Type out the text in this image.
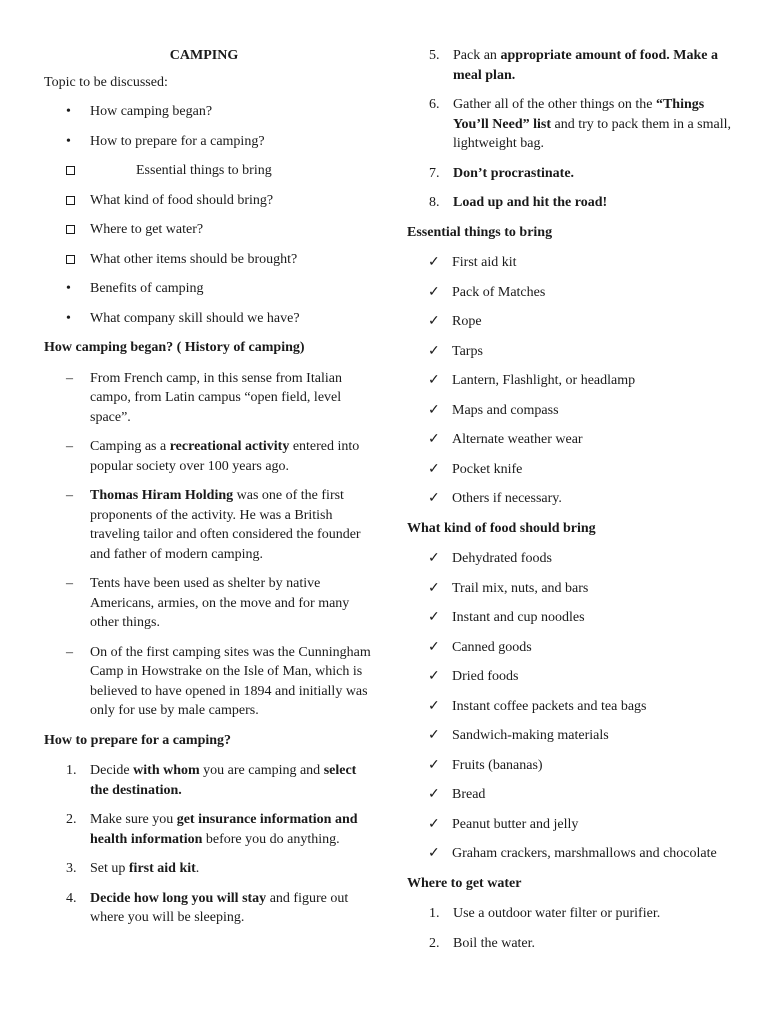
CAMPING

Topic to be discussed:

• How camping began?
• How to prepare for a camping?
Essential things to bring
What kind of food should bring?
Where to get water?
What other items should be brought?
• Benefits of camping
• What company skill should we have?

How camping began? ( History of camping)

– From French camp, in this sense from Italian campo, from Latin campus “open field, level space”.
– Camping as a recreational activity entered into popular society over 100 years ago.
– Thomas Hiram Holding was one of the first proponents of the activity. He was a British traveling tailor and often considered the founder and father of modern camping.
– Tents have been used as shelter by native Americans, armies, on the move and for many other things.
– On of the first camping sites was the Cunningham Camp in Howstrake on the Isle of Man, which is believed to have opened in 1894 and initially was only for use by male campers.

How to prepare for a camping?

1. Decide with whom you are camping and select the destination.
2. Make sure you get insurance information and health information before you do anything.
3. Set up first aid kit.
4. Decide how long you will stay and figure out where you will be sleeping.
5. Pack an appropriate amount of food. Make a meal plan.
6. Gather all of the other things on the “Things You’ll Need” list and try to pack them in a small, lightweight bag.
7. Don’t procrastinate.
8. Load up and hit the road!

Essential things to bring

✓ First aid kit
✓ Pack of Matches
✓ Rope
✓ Tarps
✓ Lantern, Flashlight, or headlamp
✓ Maps and compass
✓ Alternate weather wear
✓ Pocket knife
✓ Others if necessary.

What kind of food should bring

✓ Dehydrated foods
✓ Trail mix, nuts, and bars
✓ Instant and cup noodles
✓ Canned goods
✓ Dried foods
✓ Instant coffee packets and tea bags
✓ Sandwich-making materials
✓ Fruits (bananas)
✓ Bread
✓ Peanut butter and jelly
✓ Graham crackers, marshmallows and chocolate

Where to get water

1. Use a outdoor water filter or purifier.
2. Boil the water.
